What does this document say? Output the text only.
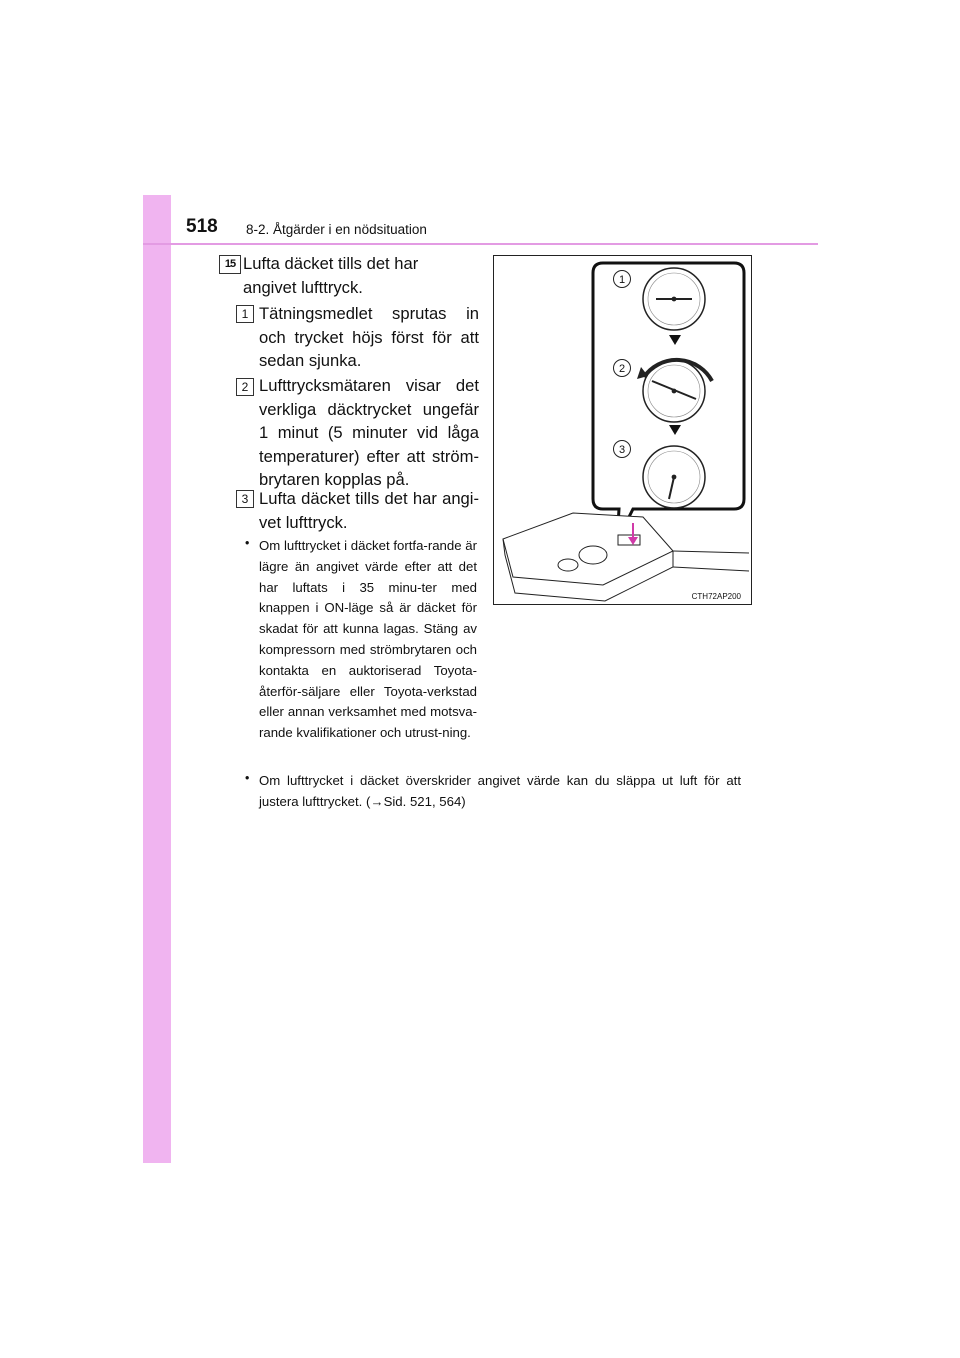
518 8-2. Åtgärder i en nödsituation
15 Lufta däcket tills det har angivet lufttryck.
1 Tätningsmedlet sprutas in och trycket höjs först för att sedan sjunka.
2 Lufttrycksmätaren visar det verkliga däcktrycket ungefär 1 minut (5 minuter vid låga temperaturer) efter att ström-brytaren kopplas på.
3 Lufta däcket tills det har angi-vet lufttryck.
• Om lufttrycket i däcket fortfa-rande är lägre än angivet värde efter att det har luftats i 35 minu-ter med knappen i ON-läge så är däcket för skadat för att kunna lagas. Stäng av kompressorn med strömbrytaren och kontakta en auktoriserad Toyota-återför-säljare eller Toyota-verkstad eller annan verksamhet med motsva-rande kvalifikationer och utrust-ning.
• Om lufttrycket i däcket överskrider angivet värde kan du släppa ut luft för att justera lufttrycket. (→Sid. 521, 564)
1
2
3
CTH72AP200
